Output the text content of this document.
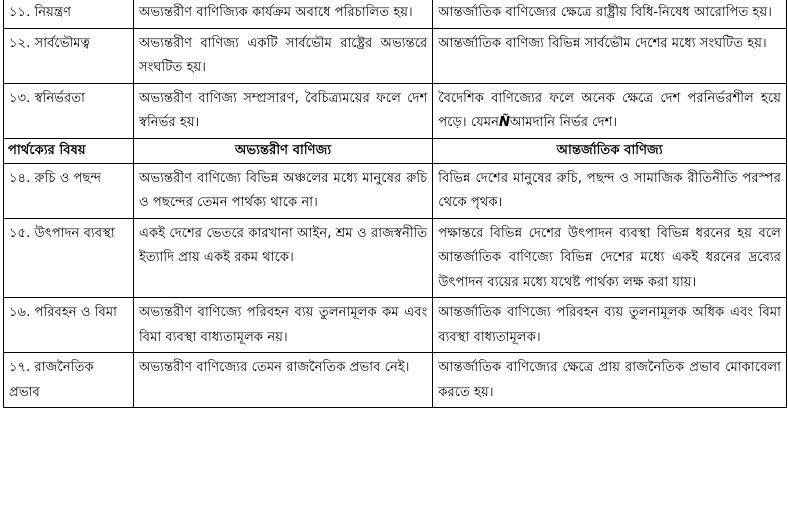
১১. নিয়ন্ত্রণ	অভ্যন্তরীণ বাণিজ্যিক কার্যক্রম অবাধে পরিচালিত হয়।	আন্তর্জাতিক বাণিজ্যের ক্ষেত্রে রাষ্ট্রীয় বিধি-নিষেধ আরোপিত হয়।
১২. সার্বভৌমত্ব	অভ্যন্তরীণ বাণিজ্য একটি সার্বভৌম রাষ্ট্রের অভ্যন্তরে সংঘটিত হয়।	আন্তর্জাতিক বাণিজ্য বিভিন্ন সার্বভৌম দেশের মধ্যে সংঘটিত হয়।
১৩. স্বনির্ভরতা	অভ্যন্তরীণ বাণিজ্য সম্প্রসারণ, বৈচিত্র্যময়ের ফলে দেশ স্বনির্ভর হয়।	বৈদেশিক বাণিজ্যের ফলে অনেক ক্ষেত্রে দেশ পরনির্ভরশীল হয়ে পড়ে। যেমনÑআমদানি নির্ভর দেশ।
পার্থক্যের বিষয়	অভ্যন্তরীণ বাণিজ্য	আন্তর্জাতিক বাণিজ্য
১৪. রুচি ও পছন্দ	অভ্যন্তরীণ বাণিজ্যে বিভিন্ন অঞ্চলের মধ্যে মানুষের রুচি ও পছন্দের তেমন পার্থক্য থাকে না।	বিভিন্ন দেশের মানুষের রুচি, পছন্দ ও সামাজিক রীতিনীতি পরস্পর থেকে পৃথক।
১৫. উৎপাদন ব্যবস্থা	একই দেশের ভেতরে কারখানা আইন, শ্রম ও রাজস্বনীতি ইত্যাদি প্রায় একই রকম থাকে।	পক্ষান্তরে বিভিন্ন দেশের উৎপাদন ব্যবস্থা বিভিন্ন ধরনের হয় বলে আন্তর্জাতিক বাণিজ্যে বিভিন্ন দেশের মধ্যে একই ধরনের দ্রব্যের উৎপাদন ব্যয়ের মধ্যে যথেষ্ট পার্থক্য লক্ষ করা যায়।
১৬. পরিবহন ও বিমা	অভ্যন্তরীণ বাণিজ্যে পরিবহন ব্যয় তুলনামূলক কম এবং বিমা ব্যবস্থা বাধ্যতামূলক নয়।	আন্তর্জাতিক বাণিজ্যে পরিবহন ব্যয় তুলনামূলক অধিক এবং বিমা ব্যবস্থা বাধ্যতামূলক।
১৭. রাজনৈতিক প্রভাব	অভ্যন্তরীণ বাণিজ্যের তেমন রাজনৈতিক প্রভাব নেই।	আন্তর্জাতিক বাণিজ্যের ক্ষেত্রে প্রায় রাজনৈতিক প্রভাব মোকাবেলা করতে হয়।
